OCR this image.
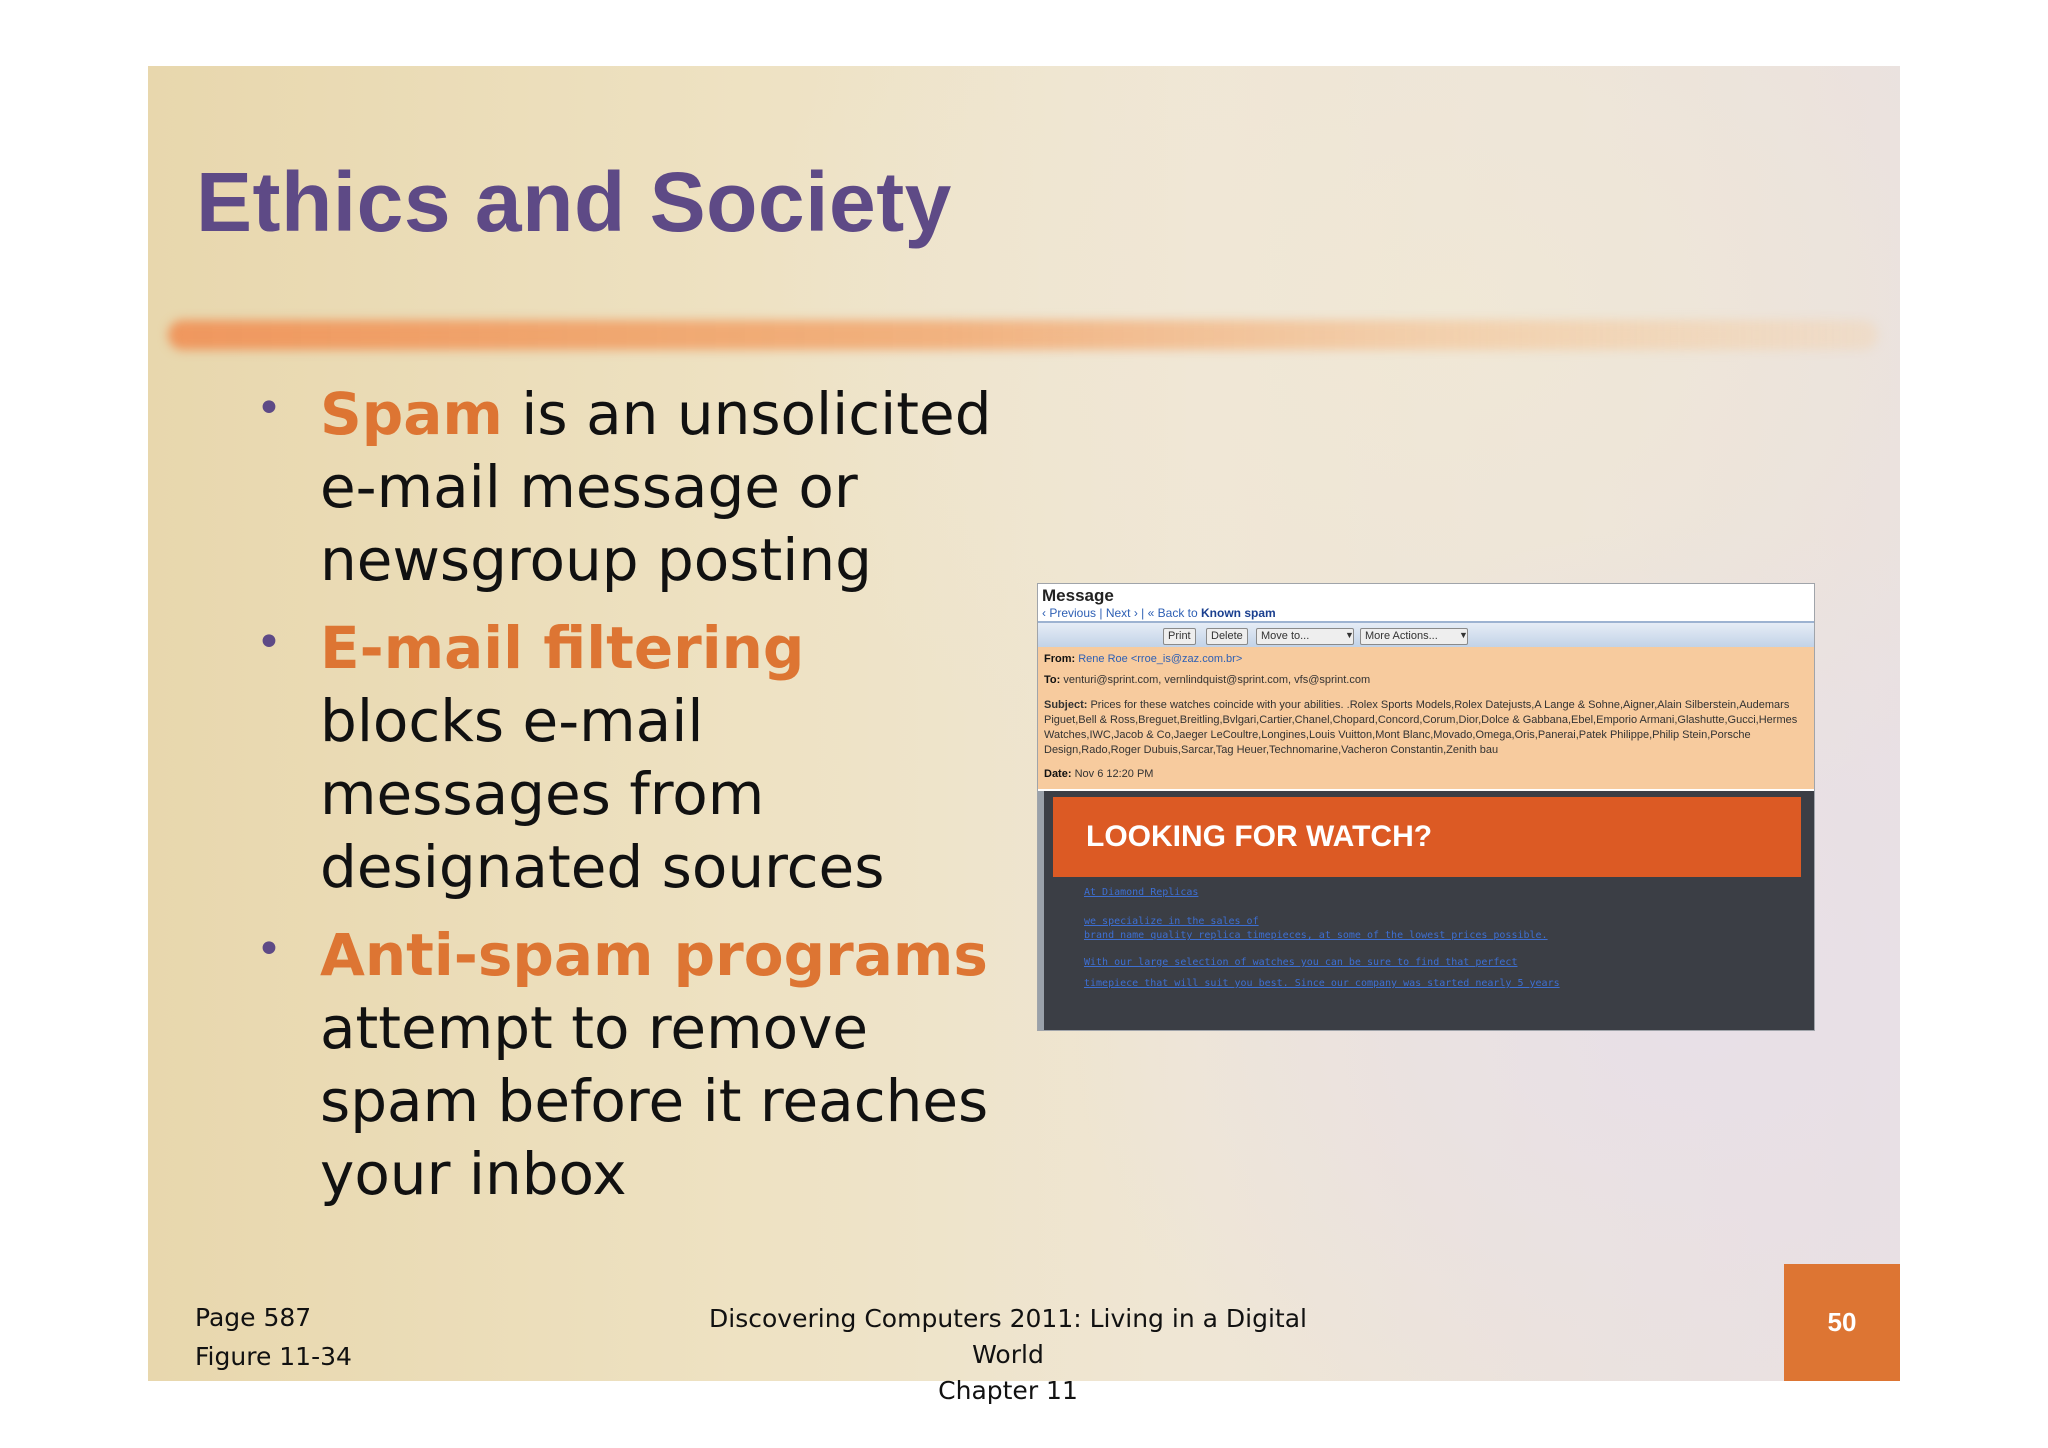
Ethics and Society
• Spam is an unsolicited e-mail message or newsgroup posting
• E-mail filtering blocks e-mail messages from designated sources
• Anti-spam programs attempt to remove spam before it reaches your inbox
Message
‹ Previous | Next › | « Back to Known spam
Print	Delete	Move to...	▼	More Actions...	▼
From: Rene Roe <rroe_is@zaz.com.br>
To: venturi@sprint.com, vernlindquist@sprint.com, vfs@sprint.com
Subject: Prices for these watches coincide with your abilities. .Rolex Sports Models,Rolex Datejusts,A Lange & Sohne,Aigner,Alain Silberstein,Audemars Piguet,Bell & Ross,Breguet,Breitling,Bvlgari,Cartier,Chanel,Chopard,Concord,Corum,Dior,Dolce & Gabbana,Ebel,Emporio Armani,Glashutte,Gucci,Hermes Watches,IWC,Jacob & Co,Jaeger LeCoultre,Longines,Louis Vuitton,Mont Blanc,Movado,Omega,Oris,Panerai,Patek Philippe,Philip Stein,Porsche Design,Rado,Roger Dubuis,Sarcar,Tag Heuer,Technomarine,Vacheron Constantin,Zenith bau
Date: Nov 6 12:20 PM
LOOKING FOR WATCH?
At Diamond Replicas
we specialize in the sales of
brand name quality replica timepieces, at some of the lowest prices possible.
With our large selection of watches you can be sure to find that perfect
timepiece that will suit you best. Since our company was started nearly 5 years
Page 587
Figure 11-34
Discovering Computers 2011: Living in a Digital World
Chapter 11
50
